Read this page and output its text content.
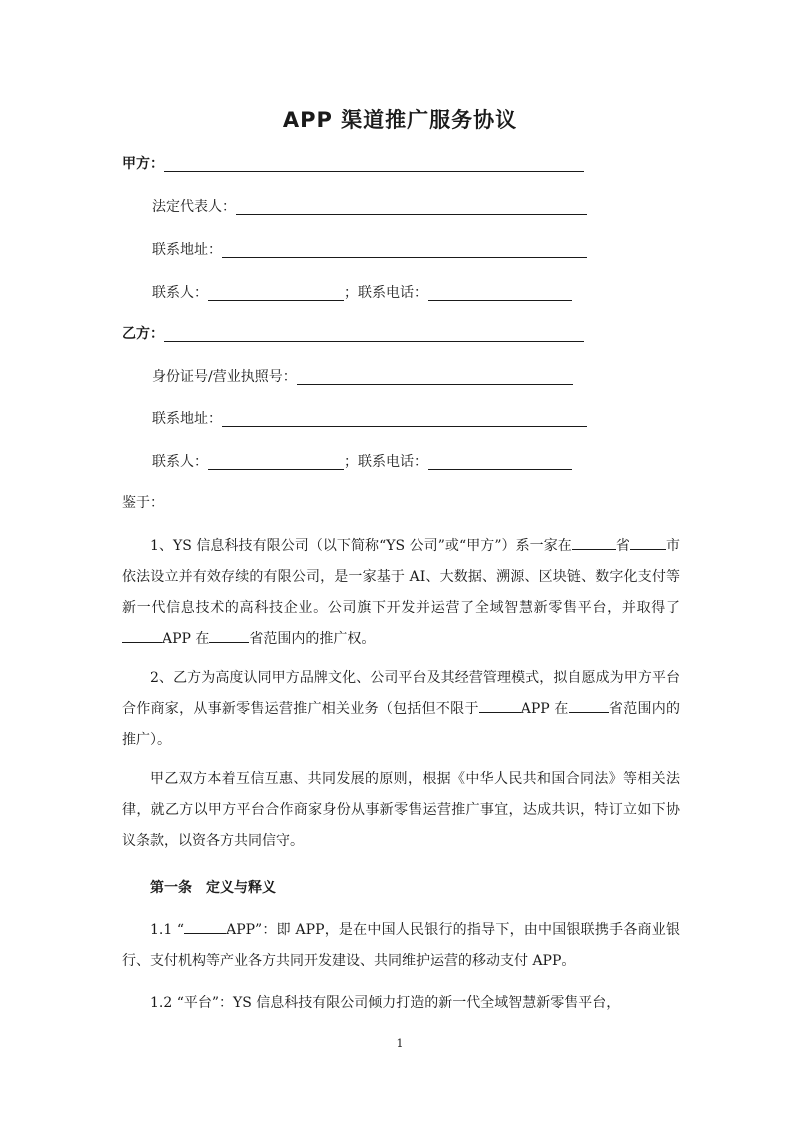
APP 渠道推广服务协议
甲方：
法定代表人：
联系地址：
联系人：	；联系电话：
乙方：
身份证号/营业执照号：
联系地址：
联系人：	；联系电话：
鉴于：
1、YS 信息科技有限公司（以下简称“YS 公司”或“甲方”）系一家在	省	市依法设立并有效存续的有限公司，是一家基于 AI、大数据、溯源、区块链、数字化支付等新一代信息技术的高科技企业。公司旗下开发并运营了全域智慧新零售平台，并取得了APP 在	省范围内的推广权。
2、乙方为高度认同甲方品牌文化、公司平台及其经营管理模式，拟自愿成为甲方平台合作商家，从事新零售运营推广相关业务（包括但不限于	APP 在	省范围内的推广）。
甲乙双方本着互信互惠、共同发展的原则，根据《中华人民共和国合同法》等相关法律，就乙方以甲方平台合作商家身份从事新零售运营推广事宜，达成共识，特订立如下协议条款，以资各方共同信守。
第一条　定义与释义
1.1 “	APP”：即 APP，是在中国人民银行的指导下，由中国银联携手各商业银行、支付机构等产业各方共同开发建设、共同维护运营的移动支付 APP。
1.2 “平台”：YS 信息科技有限公司倾力打造的新一代全域智慧新零售平台，
1
